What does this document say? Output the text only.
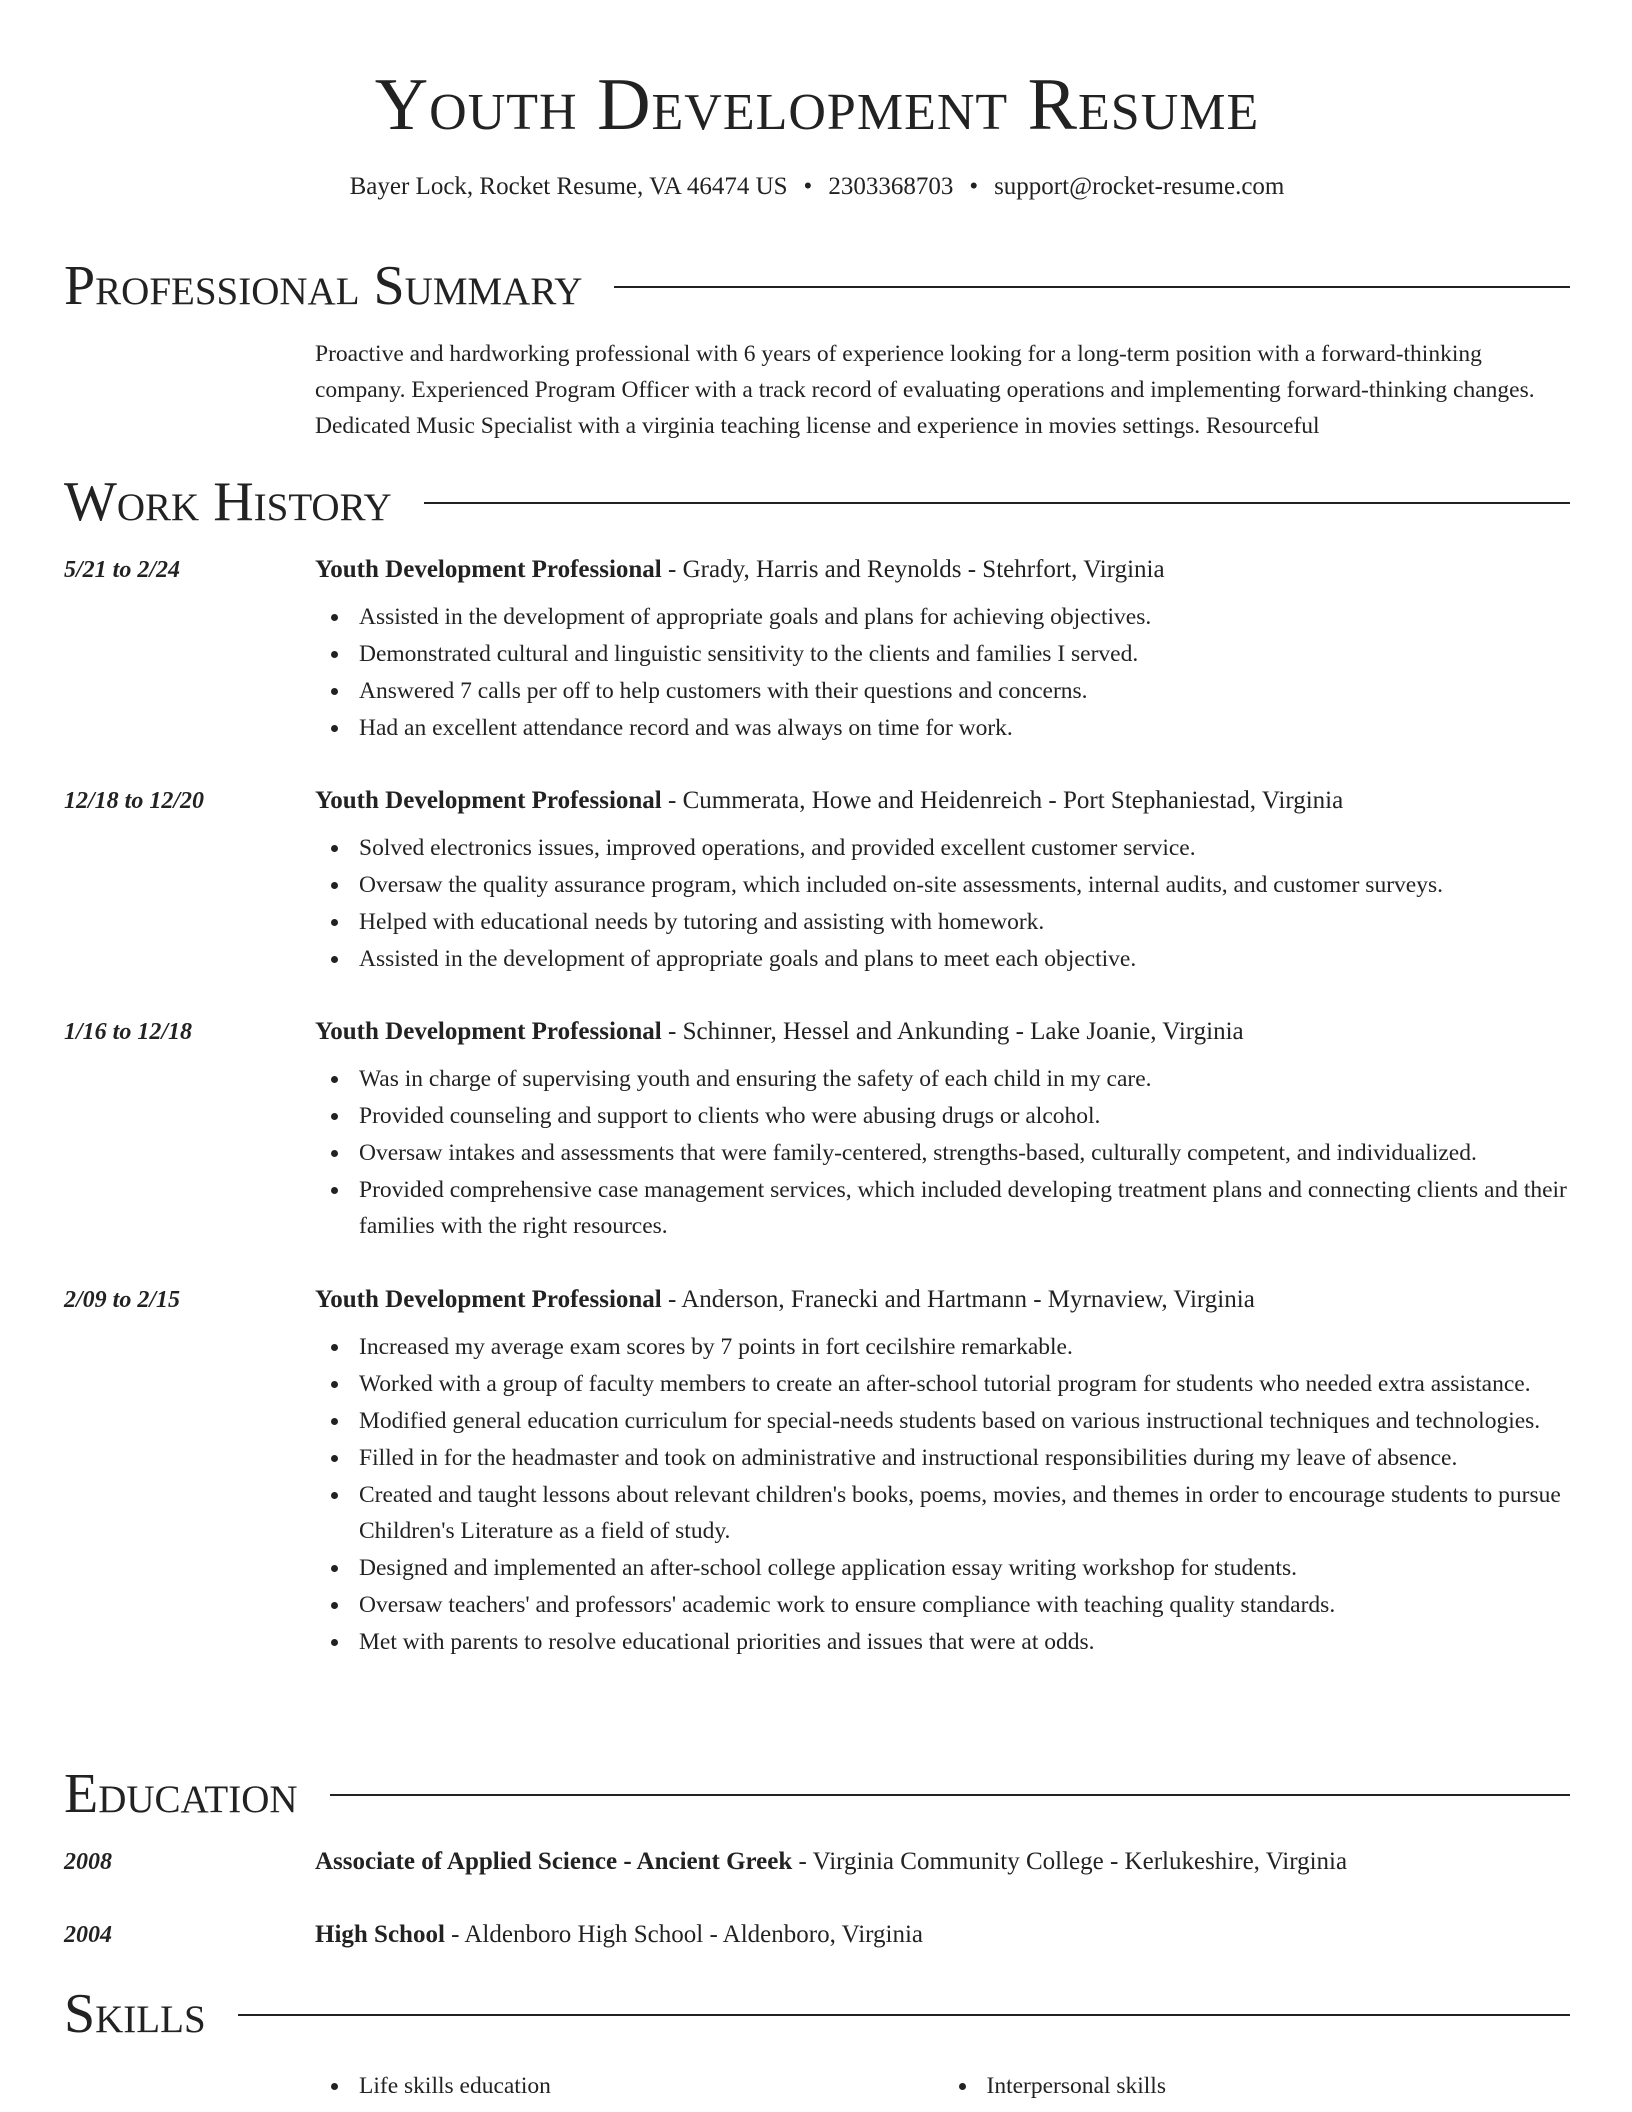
Youth Development Resume
Bayer Lock, Rocket Resume, VA 46474 US • 2303368703 • support@rocket-resume.com
Professional Summary
Proactive and hardworking professional with 6 years of experience looking for a long-term position with a forward-thinking company. Experienced Program Officer with a track record of evaluating operations and implementing forward-thinking changes. Dedicated Music Specialist with a virginia teaching license and experience in movies settings. Resourceful
Work History
5/21 to 2/24	Youth Development Professional - Grady, Harris and Reynolds - Stehrfort, Virginia
Assisted in the development of appropriate goals and plans for achieving objectives.
Demonstrated cultural and linguistic sensitivity to the clients and families I served.
Answered 7 calls per off to help customers with their questions and concerns.
Had an excellent attendance record and was always on time for work.
12/18 to 12/20	Youth Development Professional - Cummerata, Howe and Heidenreich - Port Stephaniestad, Virginia
Solved electronics issues, improved operations, and provided excellent customer service.
Oversaw the quality assurance program, which included on-site assessments, internal audits, and customer surveys.
Helped with educational needs by tutoring and assisting with homework.
Assisted in the development of appropriate goals and plans to meet each objective.
1/16 to 12/18	Youth Development Professional - Schinner, Hessel and Ankunding - Lake Joanie, Virginia
Was in charge of supervising youth and ensuring the safety of each child in my care.
Provided counseling and support to clients who were abusing drugs or alcohol.
Oversaw intakes and assessments that were family-centered, strengths-based, culturally competent, and individualized.
Provided comprehensive case management services, which included developing treatment plans and connecting clients and their families with the right resources.
2/09 to 2/15	Youth Development Professional - Anderson, Franecki and Hartmann - Myrnaview, Virginia
Increased my average exam scores by 7 points in fort cecilshire remarkable.
Worked with a group of faculty members to create an after-school tutorial program for students who needed extra assistance.
Modified general education curriculum for special-needs students based on various instructional techniques and technologies.
Filled in for the headmaster and took on administrative and instructional responsibilities during my leave of absence.
Created and taught lessons about relevant children's books, poems, movies, and themes in order to encourage students to pursue Children's Literature as a field of study.
Designed and implemented an after-school college application essay writing workshop for students.
Oversaw teachers' and professors' academic work to ensure compliance with teaching quality standards.
Met with parents to resolve educational priorities and issues that were at odds.
Education
2008	Associate of Applied Science - Ancient Greek - Virginia Community College - Kerlukeshire, Virginia
2004	High School - Aldenboro High School - Aldenboro, Virginia
Skills
Life skills education	Interpersonal skills
